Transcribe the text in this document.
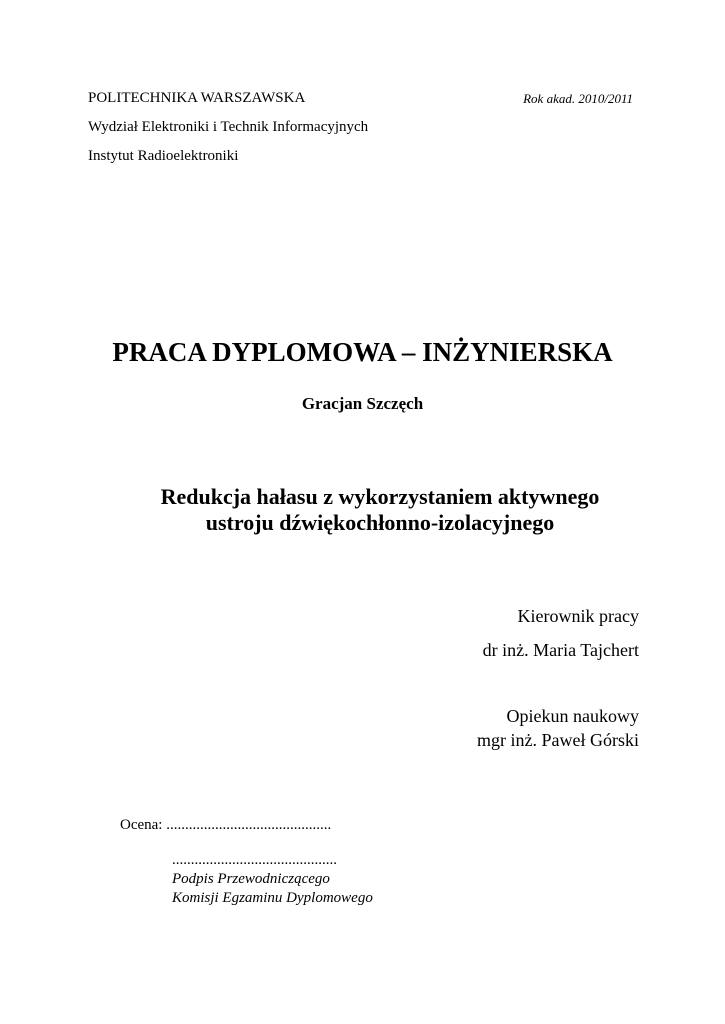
POLITECHNIKA WARSZAWSKA	Rok akad. 2010/2011
Wydział Elektroniki i Technik Informacyjnych
Instytut Radioelektroniki
PRACA DYPLOMOWA – INŻYNIERSKA
Gracjan Szczęch
Redukcja hałasu z wykorzystaniem aktywnego
ustroju dźwiękochłonno-izolacyjnego
Kierownik pracy
dr inż. Maria Tajchert
Opiekun naukowy
mgr inż. Paweł Górski
Ocena: ............................................
............................................
Podpis Przewodniczącego
Komisji Egzaminu Dyplomowego
